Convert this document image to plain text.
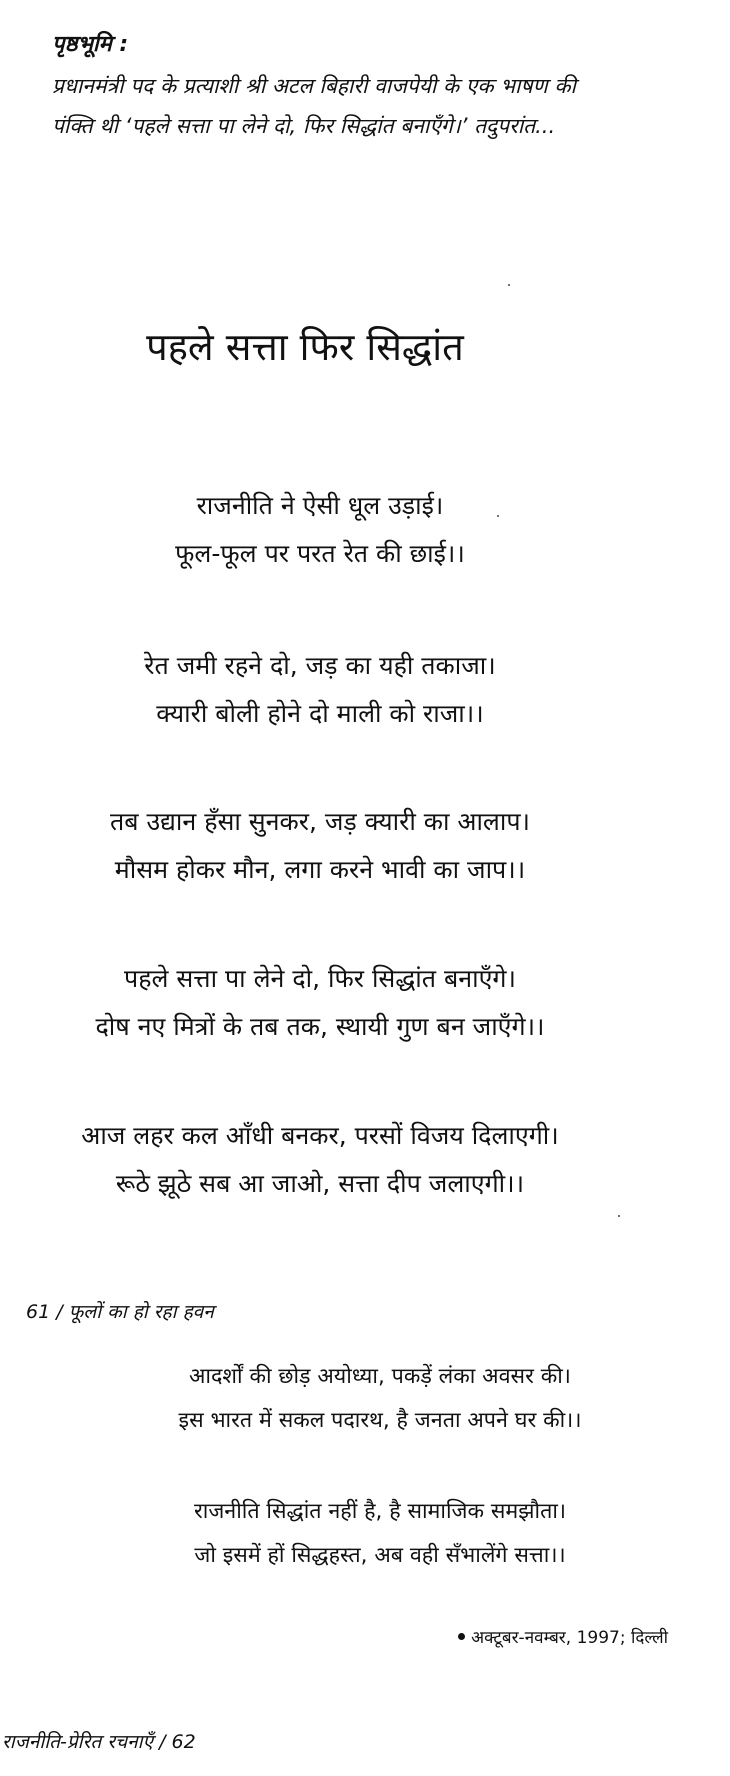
पृष्ठभूमि :
प्रधानमंत्री पद के प्रत्याशी श्री अटल बिहारी वाजपेयी के एक भाषण की
पंक्ति थी ‘पहले सत्ता पा लेने दो, फिर सिद्धांत बनाएँगे।’ तदुपरांत...
पहले सत्ता फिर सिद्धांत
राजनीति ने ऐसी धूल उड़ाई।
फूल-फूल पर परत रेत की छाई।।
रेत जमी रहने दो, जड़ का यही तकाजा।
क्यारी बोली होने दो माली को राजा।।
तब उद्यान हँसा सुनकर, जड़ क्यारी का आलाप।
मौसम होकर मौन, लगा करने भावी का जाप।।
पहले सत्ता पा लेने दो, फिर सिद्धांत बनाएँगे।
दोष नए मित्रों के तब तक, स्थायी गुण बन जाएँगे।।
आज लहर कल आँधी बनकर, परसों विजय दिलाएगी।
रूठे झूठे सब आ जाओ, सत्ता दीप जलाएगी।।
61 / फूलों का हो रहा हवन
आदर्शों की छोड़ अयोध्या, पकड़ें लंका अवसर की।
इस भारत में सकल पदारथ, है जनता अपने घर की।।
राजनीति सिद्धांत नहीं है, है सामाजिक समझौता।
जो इसमें हों सिद्धहस्त, अब वही सँभालेंगे सत्ता।।
अक्टूबर-नवम्बर, 1997; दिल्ली
राजनीति-प्रेरित रचनाएँ / 62
